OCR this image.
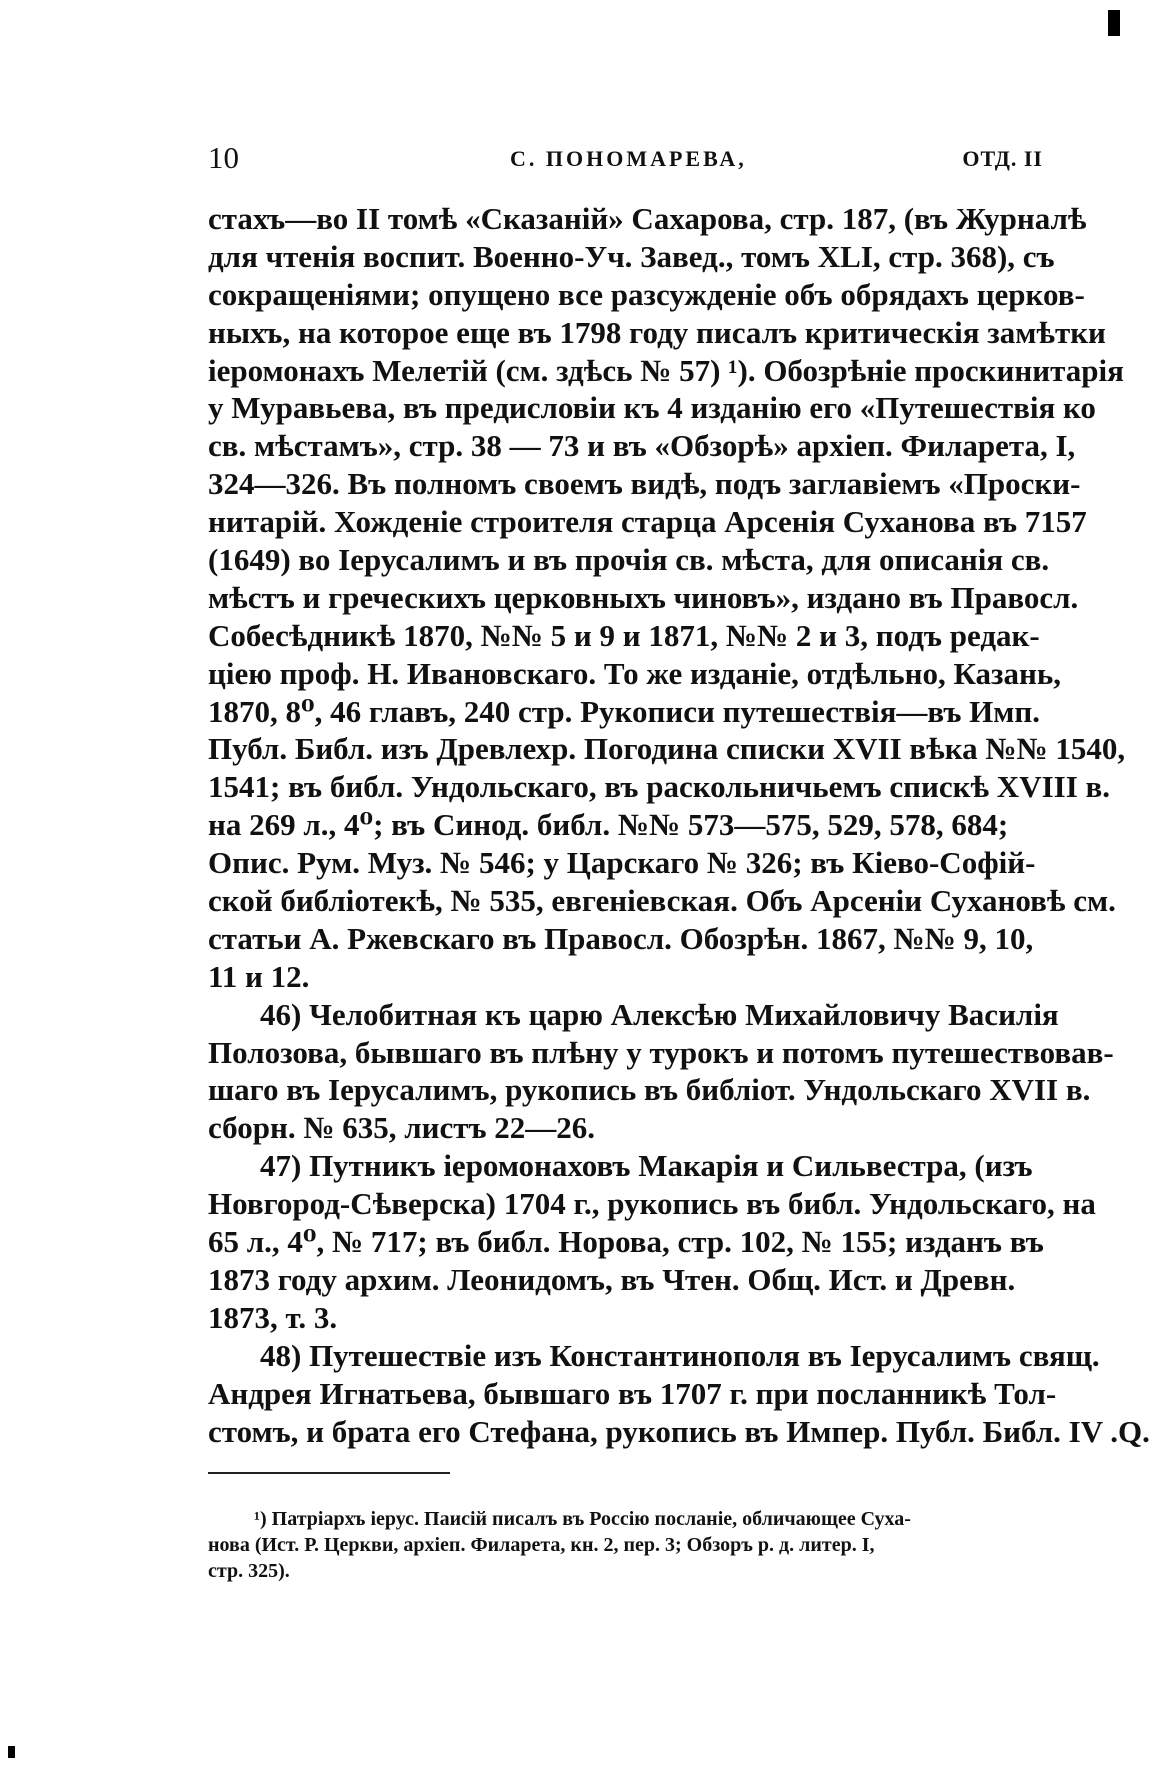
10	С. ПОНОМАРЕВА,	ОТД. II
стахъ—во II томѣ «Сказаній» Сахарова, стр. 187, (въ Журналѣ
для чтенія воспит. Военно-Уч. Завед., томъ XLI, стр. 368), съ
сокращеніями; опущено все разсужденіе объ обрядахъ церков-
ныхъ, на которое еще въ 1798 году писалъ критическія замѣтки
іеромонахъ Мелетій (см. здѣсь № 57) ¹). Обозрѣніе проскинитарія
у Муравьева, въ предисловіи къ 4 изданію его «Путешествія ко
св. мѣстамъ», стр. 38 — 73 и въ «Обзорѣ» архіеп. Филарета, I,
324—326. Въ полномъ своемъ видѣ, подъ заглавіемъ «Проски-
нитарій. Хожденіе строителя старца Арсенія Суханова въ 7157
(1649) во Іерусалимъ и въ прочія св. мѣста, для описанія св.
мѣстъ и греческихъ церковныхъ чиновъ», издано въ Правосл.
Собесѣдникѣ 1870, №№ 5 и 9 и 1871, №№ 2 и 3, подъ редак-
ціею проф. Н. Ивановскаго. То же изданіе, отдѣльно, Казань,
1870, 8⁰, 46 главъ, 240 стр. Рукописи путешествія—въ Имп.
Публ. Библ. изъ Древлехр. Погодина списки XVII вѣка №№ 1540,
1541; въ библ. Ундольскаго, въ раскольничьемъ спискѣ XVIII в.
на 269 л., 4⁰; въ Синод. библ. №№ 573—575, 529, 578, 684;
Опис. Рум. Муз. № 546; у Царскаго № 326; въ Кіево-Софій-
ской библіотекѣ, № 535, евгеніевская. Объ Арсеніи Сухановѣ см.
статьи А. Ржевскаго въ Правосл. Обозрѣн. 1867, №№ 9, 10,
11 и 12.
46) Челобитная къ царю Алексѣю Михайловичу Василія
Полозова, бывшаго въ плѣну у турокъ и потомъ путешествовав-
шаго въ Іерусалимъ, рукопись въ библіот. Ундольскаго XVII в.
сборн. № 635, листъ 22—26.
47) Путникъ іеромонаховъ Макарія и Сильвестра, (изъ
Новгород-Сѣверска) 1704 г., рукопись въ библ. Ундольскаго, на
65 л., 4⁰, № 717; въ библ. Норова, стр. 102, № 155; изданъ въ
1873 году архим. Леонидомъ, въ Чтен. Общ. Ист. и Древн.
1873, т. 3.
48) Путешествіе изъ Константинополя въ Іерусалимъ свящ.
Андрея Игнатьева, бывшаго въ 1707 г. при посланникѣ Тол-
стомъ, и брата его Стефана, рукопись въ Импер. Публ. Библ. IV .Q.
¹) Патріархъ іерус. Паисій писалъ въ Россію посланіе, обличающее Суха-
нова (Ист. Р. Церкви, архіеп. Филарета, кн. 2, пер. 3; Обзоръ р. д. литер. I,
стр. 325).
